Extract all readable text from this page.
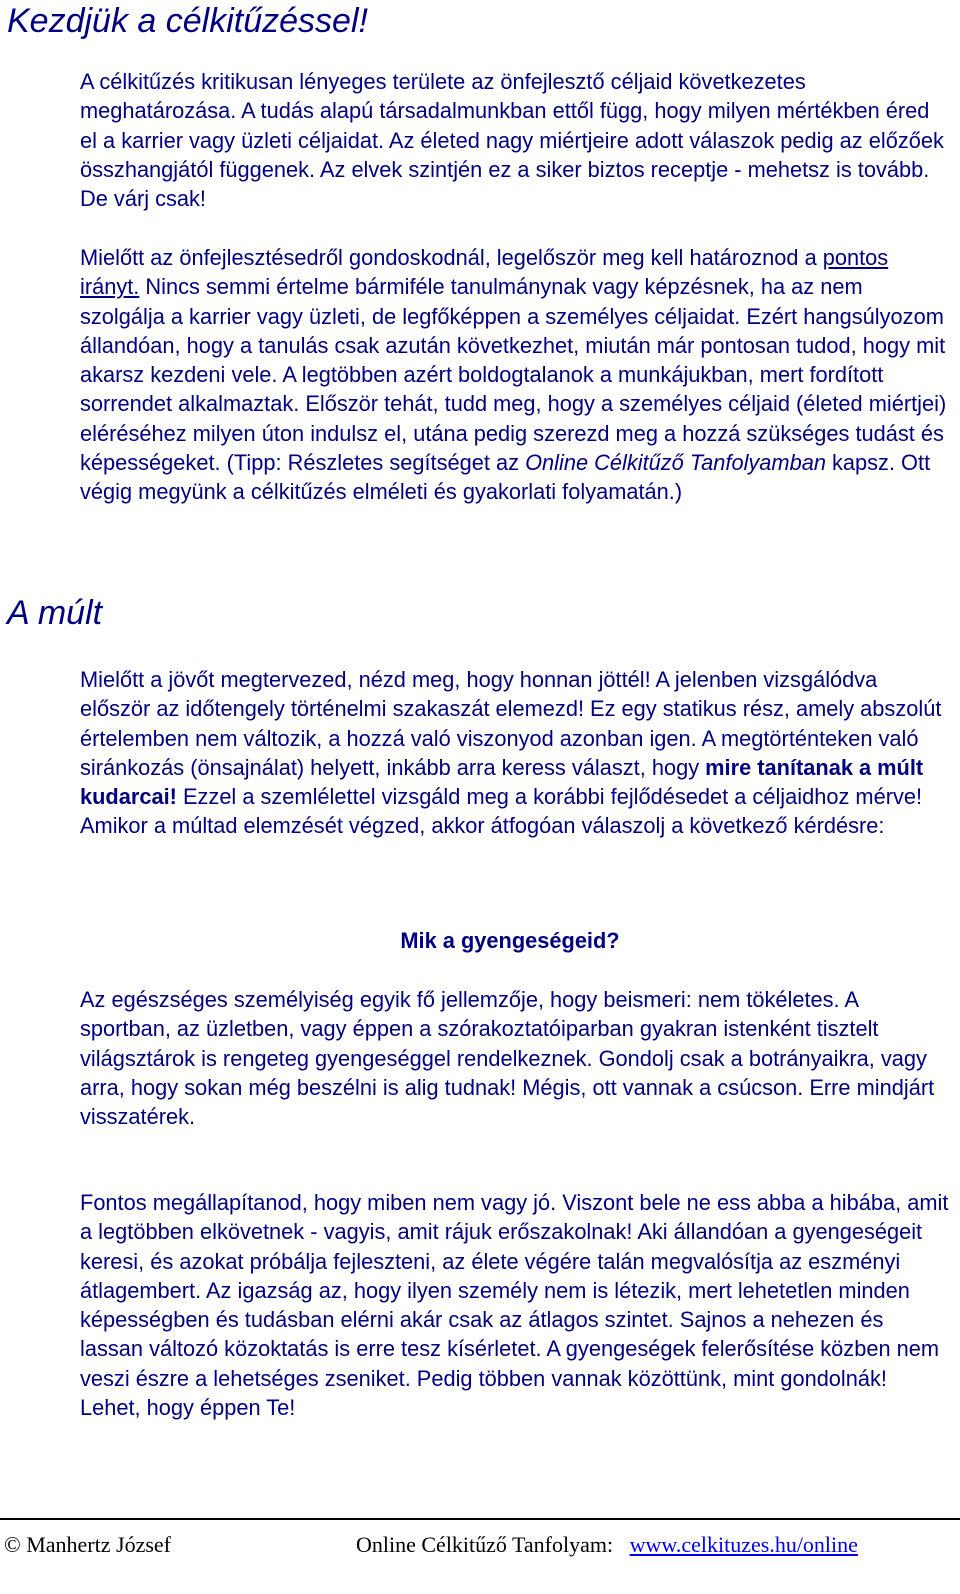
Kezdjük a célkitűzéssel!

A célkitűzés kritikusan lényeges területe az önfejlesztő céljaid következetes meghatározása. A tudás alapú társadalmunkban ettől függ, hogy milyen mértékben éred el a karrier vagy üzleti céljaidat. Az életed nagy miértjeire adott válaszok pedig az előzőek összhangjától függenek. Az elvek szintjén ez a siker biztos receptje - mehetsz is tovább. De várj csak!

Mielőtt az önfejlesztésedről gondoskodnál, legelőször meg kell határoznod a pontos irányt. Nincs semmi értelme bármiféle tanulmánynak vagy képzésnek, ha az nem szolgálja a karrier vagy üzleti, de legfőképpen a személyes céljaidat. Ezért hangsúlyozom állandóan, hogy a tanulás csak azután következhet, miután már pontosan tudod, hogy mit akarsz kezdeni vele. A legtöbben azért boldogtalanok a munkájukban, mert fordított sorrendet alkalmaztak. Először tehát, tudd meg, hogy a személyes céljaid (életed miértjei) eléréséhez milyen úton indulsz el, utána pedig szerezd meg a hozzá szükséges tudást és képességeket. (Tipp: Részletes segítséget az Online Célkitűző Tanfolyamban kapsz. Ott végig megyünk a célkitűzés elméleti és gyakorlati folyamatán.)

A múlt

Mielőtt a jövőt megtervezed, nézd meg, hogy honnan jöttél! A jelenben vizsgálódva először az időtengely történelmi szakaszát elemezd! Ez egy statikus rész, amely abszolút értelemben nem változik, a hozzá való viszonyod azonban igen. A megtörténteken való siránkozás (önsajnálat) helyett, inkább arra keress választ, hogy mire tanítanak a múlt kudarcai! Ezzel a szemlélettel vizsgáld meg a korábbi fejlődésedet a céljaidhoz mérve! Amikor a múltad elemzését végzed, akkor átfogóan válaszolj a következő kérdésre:

Mik a gyengeségeid?

Az egészséges személyiség egyik fő jellemzője, hogy beismeri: nem tökéletes. A sportban, az üzletben, vagy éppen a szórakoztatóiparban gyakran istenként tisztelt világsztárok is rengeteg gyengeséggel rendelkeznek. Gondolj csak a botrányaikra, vagy arra, hogy sokan még beszélni is alig tudnak! Mégis, ott vannak a csúcson. Erre mindjárt visszatérek.

Fontos megállapítanod, hogy miben nem vagy jó. Viszont bele ne ess abba a hibába, amit a legtöbben elkövetnek - vagyis, amit rájuk erőszakolnak! Aki állandóan a gyengeségeit keresi, és azokat próbálja fejleszteni, az élete végére talán megvalósítja az eszményi átlagembert. Az igazság az, hogy ilyen személy nem is létezik, mert lehetetlen minden képességben és tudásban elérni akár csak az átlagos szintet. Sajnos a nehezen és lassan változó közoktatás is erre tesz kísérletet. A gyengeségek felerősítése közben nem veszi észre a lehetséges zseniket. Pedig többen vannak közöttünk, mint gondolnák! Lehet, hogy éppen Te!

© Manhertz József	Online Célkitűző Tanfolyam: www.celkituzes.hu/online
